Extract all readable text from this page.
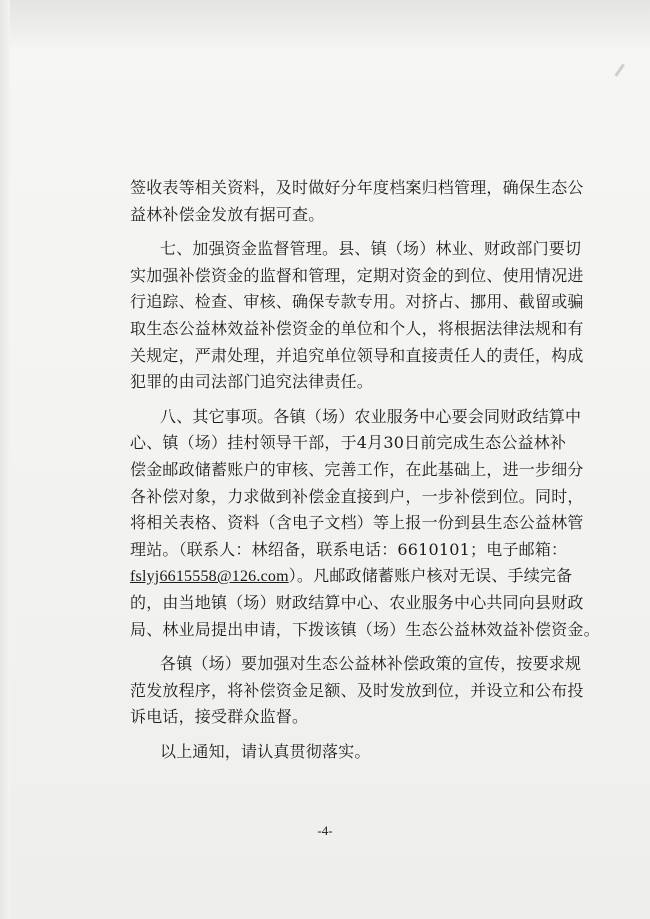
签收表等相关资料，及时做好分年度档案归档管理，确保生态公
益林补偿金发放有据可查。
七、加强资金监督管理。县、镇（场）林业、财政部门要切
实加强补偿资金的监督和管理，定期对资金的到位、使用情况进
行追踪、检查、审核、确保专款专用。对挤占、挪用、截留或骗
取生态公益林效益补偿资金的单位和个人，将根据法律法规和有
关规定，严肃处理，并追究单位领导和直接责任人的责任，构成
犯罪的由司法部门追究法律责任。
八、其它事项。各镇（场）农业服务中心要会同财政结算中
心、镇（场）挂村领导干部，于4月30日前完成生态公益林补
偿金邮政储蓄账户的审核、完善工作，在此基础上，进一步细分
各补偿对象，力求做到补偿金直接到户，一步补偿到位。同时，
将相关表格、资料（含电子文档）等上报一份到县生态公益林管
理站。（联系人：林绍备，联系电话：6610101；电子邮箱：
fslyj6615558@126.com）。凡邮政储蓄账户核对无误、手续完备
的，由当地镇（场）财政结算中心、农业服务中心共同向县财政
局、林业局提出申请，下拨该镇（场）生态公益林效益补偿资金。
各镇（场）要加强对生态公益林补偿政策的宣传，按要求规
范发放程序，将补偿资金足额、及时发放到位，并设立和公布投
诉电话，接受群众监督。
以上通知，请认真贯彻落实。
-4-
